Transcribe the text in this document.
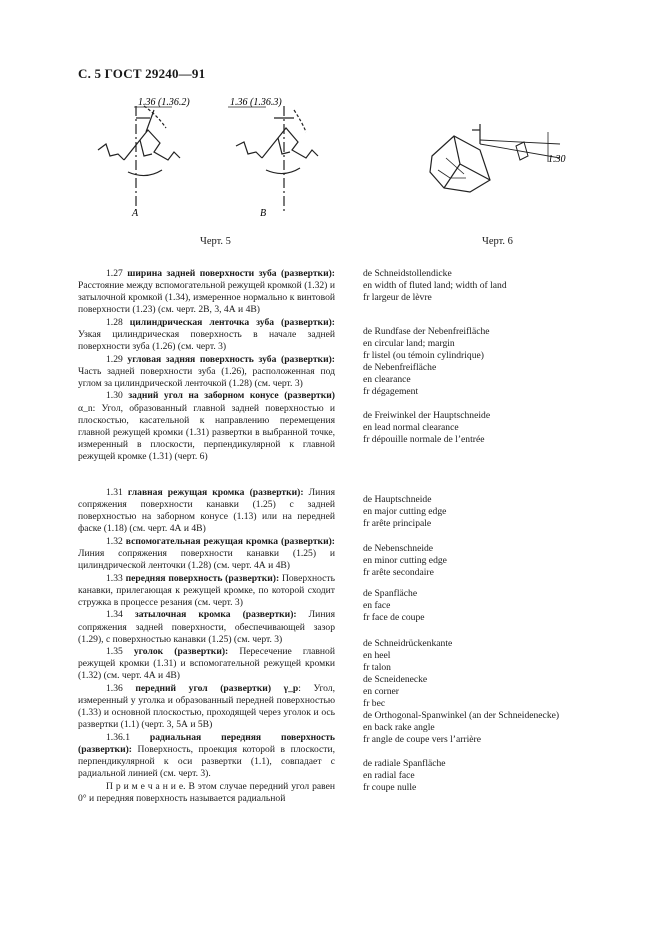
С. 5 ГОСТ 29240—91
1.36 (1.36.2)	1.36 (1.36.3)
A	B
Черт. 5
1.30
Черт. 6

1.27 ширина задней поверхности зуба (развертки): Расстояние между вспомогательной режущей кромкой (1.32) и затылочной кромкой (1.34), измеренное нормально к винтовой поверхности (1.23) (см. черт. 2В, 3, 4А и 4В)

1.28 цилиндрическая ленточка зуба (развертки): Узкая цилиндрическая поверхность в начале задней поверхности зуба (1.26) (см. черт. 3)

1.29 угловая задняя поверхность зуба (развертки): Часть задней поверхности зуба (1.26), расположенная под углом за цилиндрической ленточкой (1.28) (см. черт. 3)

1.30 задний угол на заборном конусе (развертки) α_n: Угол, образованный главной задней поверхностью и плоскостью, касательной к направлению перемещения главной режущей кромки (1.31) развертки в выбранной точке, измеренный в плоскости, перпендикулярной к главной режущей кромке (1.31) (черт. 6)

1.31 главная режущая кромка (развертки): Линия сопряжения поверхности канавки (1.25) с задней поверхностью на заборном конусе (1.13) или на передней фаске (1.18) (см. черт. 4А и 4В)

1.32 вспомогательная режущая кромка (развертки): Линия сопряжения поверхности канавки (1.25) и цилиндрической ленточки (1.28) (см. черт. 4А и 4В)

1.33 передняя поверхность (развертки): Поверхность канавки, прилегающая к режущей кромке, по которой сходит стружка в процессе резания (см. черт. 3)

1.34 затылочная кромка (развертки): Линия сопряжения задней поверхности, обеспечивающей зазор (1.29), с поверхностью канавки (1.25) (см. черт. 3)

1.35 уголок (развертки): Пересечение главной режущей кромки (1.31) и вспомогательной режущей кромки (1.32) (см. черт. 4А и 4В)

1.36 передний угол (развертки) γ_p: Угол, измеренный у уголка и образованный передней поверхностью (1.33) и основной плоскостью, проходящей через уголок и ось развертки (1.1) (черт. 3, 5А и 5В)

1.36.1 радиальная передняя поверхность (развертки): Поверхность, проекция которой в плоскости, перпендикулярной к оси развертки (1.1), совпадает с радиальной линией (см. черт. 3).

П р и м е ч а н и е. В этом случае передний угол равен 0° и передняя поверхность называется радиальной

de Schneidstollendicke
en width of fluted land; width of land
fr largeur de lèvre
de Rundfase der Nebenfreifläche
en circular land; margin
fr listel (ou témoin cylindrique)
de Nebenfreifläche
en clearance
fr dégagement
de Freiwinkel der Hauptschneide
en lead normal clearance
fr dépouille normale de l’entrée
de Hauptschneide
en major cutting edge
fr arête principale
de Nebenschneide
en minor cutting edge
fr arête secondaire
de Spanfläche
en face
fr face de coupe
de Schneidrückenkante
en heel
fr talon
de Scneidenecke
en corner
fr bec
de Orthogonal-Spanwinkel (an der Schneidenecke)
en back rake angle
fr angle de coupe vers l’arrière
de radiale Spanfläche
en radial face
fr coupe nulle
